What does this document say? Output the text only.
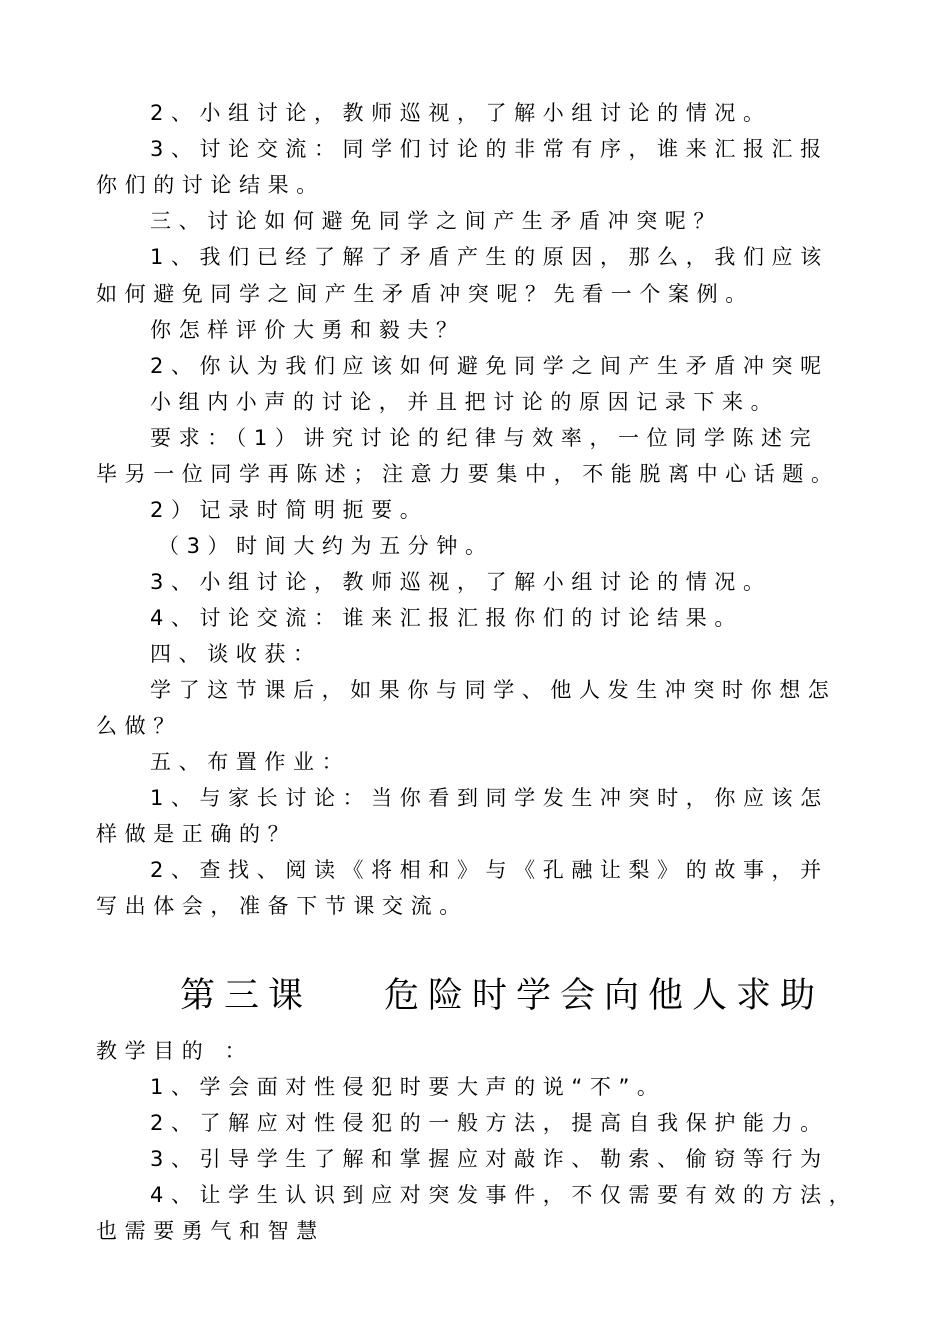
2、小组讨论，教师巡视，了解小组讨论的情况。
3、讨论交流：同学们讨论的非常有序，谁来汇报汇报
你们的讨论结果。
三、讨论如何避免同学之间产生矛盾冲突呢？
1、我们已经了解了矛盾产生的原因，那么，我们应该
如何避免同学之间产生矛盾冲突呢？先看一个案例。
你怎样评价大勇和毅夫？
2、你认为我们应该如何避免同学之间产生矛盾冲突呢
小组内小声的讨论，并且把讨论的原因记录下来。
要求：（1）讲究讨论的纪律与效率，一位同学陈述完
毕另一位同学再陈述；注意力要集中，不能脱离中心话题。
2）记录时简明扼要。
（3）时间大约为五分钟。
3、小组讨论，教师巡视，了解小组讨论的情况。
4、讨论交流：谁来汇报汇报你们的讨论结果。
四、谈收获：
学了这节课后，如果你与同学、他人发生冲突时你想怎
么做？
五、布置作业：
1、与家长讨论：当你看到同学发生冲突时，你应该怎
样做是正确的？
2、查找、阅读《将相和》与《孔融让梨》的故事，并
写出体会，准备下节课交流。
第三课 危险时学会向他人求助
教学目的 ：
1、学会面对性侵犯时要大声的说“不”。
2、了解应对性侵犯的一般方法，提高自我保护能力。
3、引导学生了解和掌握应对敲诈、勒索、偷窃等行为
4、让学生认识到应对突发事件，不仅需要有效的方法，
也需要勇气和智慧
